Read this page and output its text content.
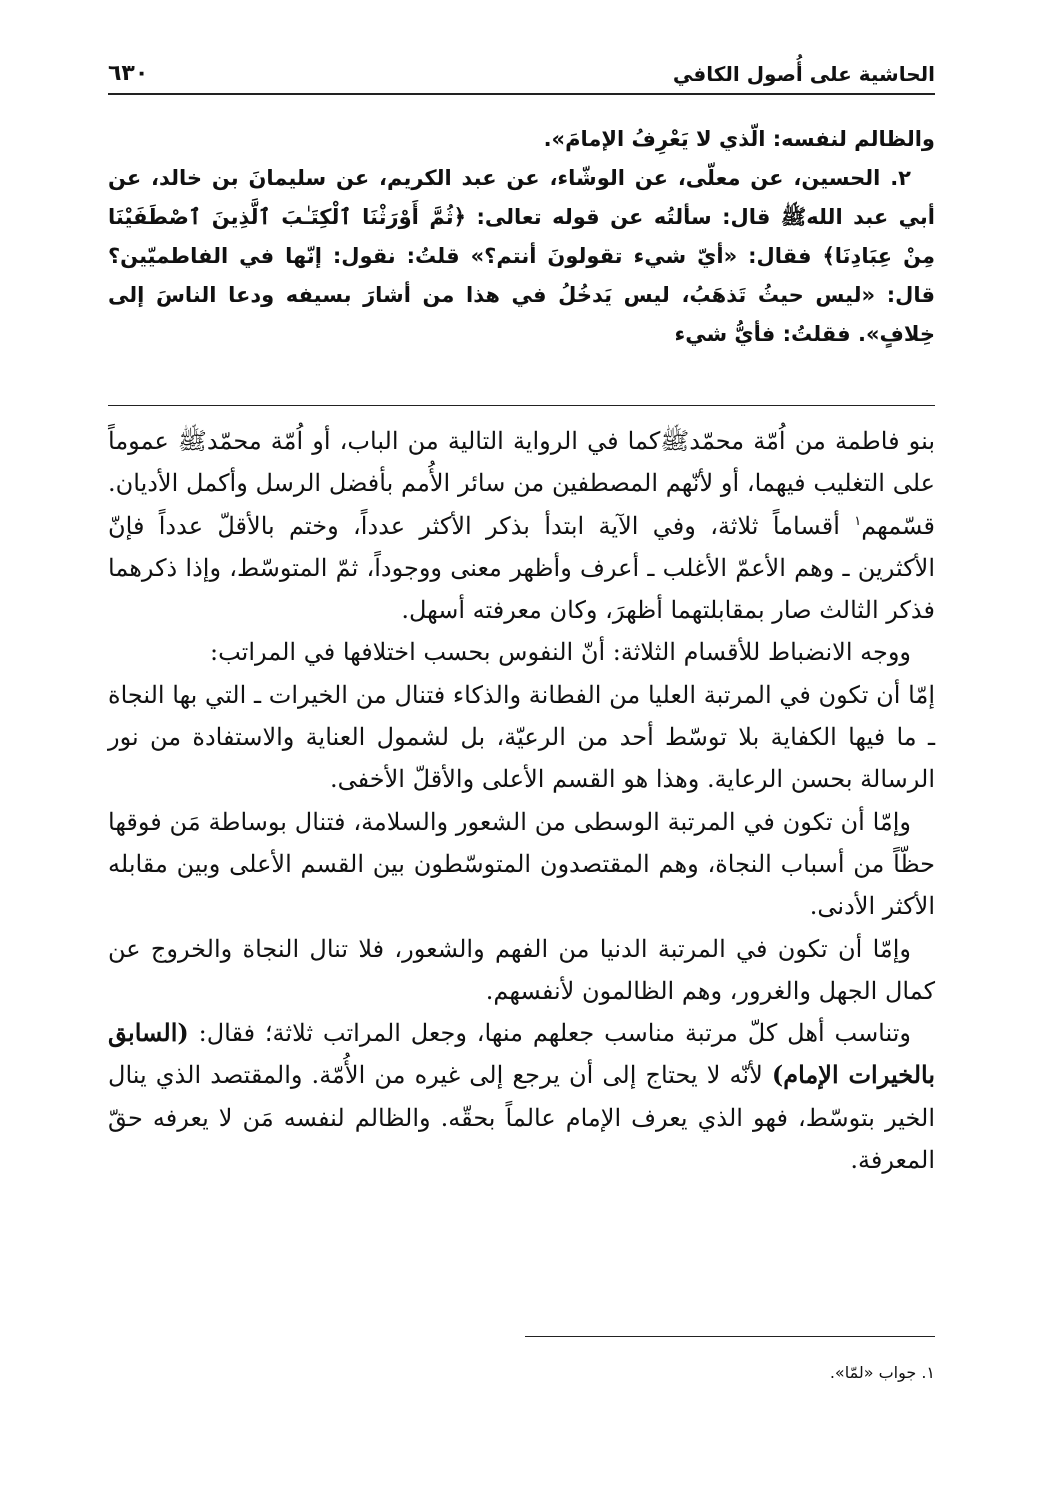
الحاشية على أُصول الكافي
٦٣٠

والظالم لنفسه: الّذي لا يَعْرِفُ الإمامَ».

٢. الحسين، عن معلّى، عن الوشّاء، عن عبد الكريم، عن سليمانَ بن خالد، عن أبي عبد اللهﷺ قال: سألتُه عن قوله تعالى: ﴿ثُمَّ أَوْرَثْنَا ٱلْكِتَـٰبَ ٱلَّذِينَ ٱصْطَفَيْنَا مِنْ عِبَادِنَا﴾ فقال: «أيّ شيء تقولونَ أنتم؟» قلتُ: نقول: إنّها في الفاطميّين؟ قال: «ليس حيثُ تَذهَبُ، ليس يَدخُلُ في هذا من أشارَ بسيفه ودعا الناسَ إلى خِلافٍ». فقلتُ: فأيُّ شيء

بنو فاطمة من اُمّة محمّدﷺكما في الرواية التالية من الباب، أو اُمّة محمّدﷺ عموماً على التغليب فيهما، أو لأنّهم المصطفين من سائر الأُمم بأفضل الرسل وأكمل الأديان. قسّمهم$^١$ أقساماً ثلاثة، وفي الآية ابتدأ بذكر الأكثر عدداً، وختم بالأقلّ عدداً فإنّ الأكثرين ـ وهم الأعمّ الأغلب ـ أعرف وأظهر معنى ووجوداً، ثمّ المتوسّط، وإذا ذكرهما فذكر الثالث صار بمقابلتهما أظهرَ، وكان معرفته أسهل.

ووجه الانضباط للأقسام الثلاثة: أنّ النفوس بحسب اختلافها في المراتب:

إمّا أن تكون في المرتبة العليا من الفطانة والذكاء فتنال من الخيرات ـ التي بها النجاة ـ ما فيها الكفاية بلا توسّط أحد من الرعيّة، بل لشمول العناية والاستفادة من نور الرسالة بحسن الرعاية. وهذا هو القسم الأعلى والأقلّ الأخفى.

وإمّا أن تكون في المرتبة الوسطى من الشعور والسلامة، فتنال بوساطة مَن فوقها حظّاً من أسباب النجاة، وهم المقتصدون المتوسّطون بين القسم الأعلى وبين مقابله الأكثر الأدنى.

وإمّا أن تكون في المرتبة الدنيا من الفهم والشعور، فلا تنال النجاة والخروج عن كمال الجهل والغرور، وهم الظالمون لأنفسهم.

وتناسب أهل كلّ مرتبة مناسب جعلهم منها، وجعل المراتب ثلاثة؛ فقال: (السابق بالخيرات الإمام) لأنّه لا يحتاج إلى أن يرجع إلى غيره من الأُمّة. والمقتصد الذي ينال الخير بتوسّط، فهو الذي يعرف الإمام عالماً بحقّه. والظالم لنفسه مَن لا يعرفه حقّ المعرفة.

١. جواب «لمّا».
